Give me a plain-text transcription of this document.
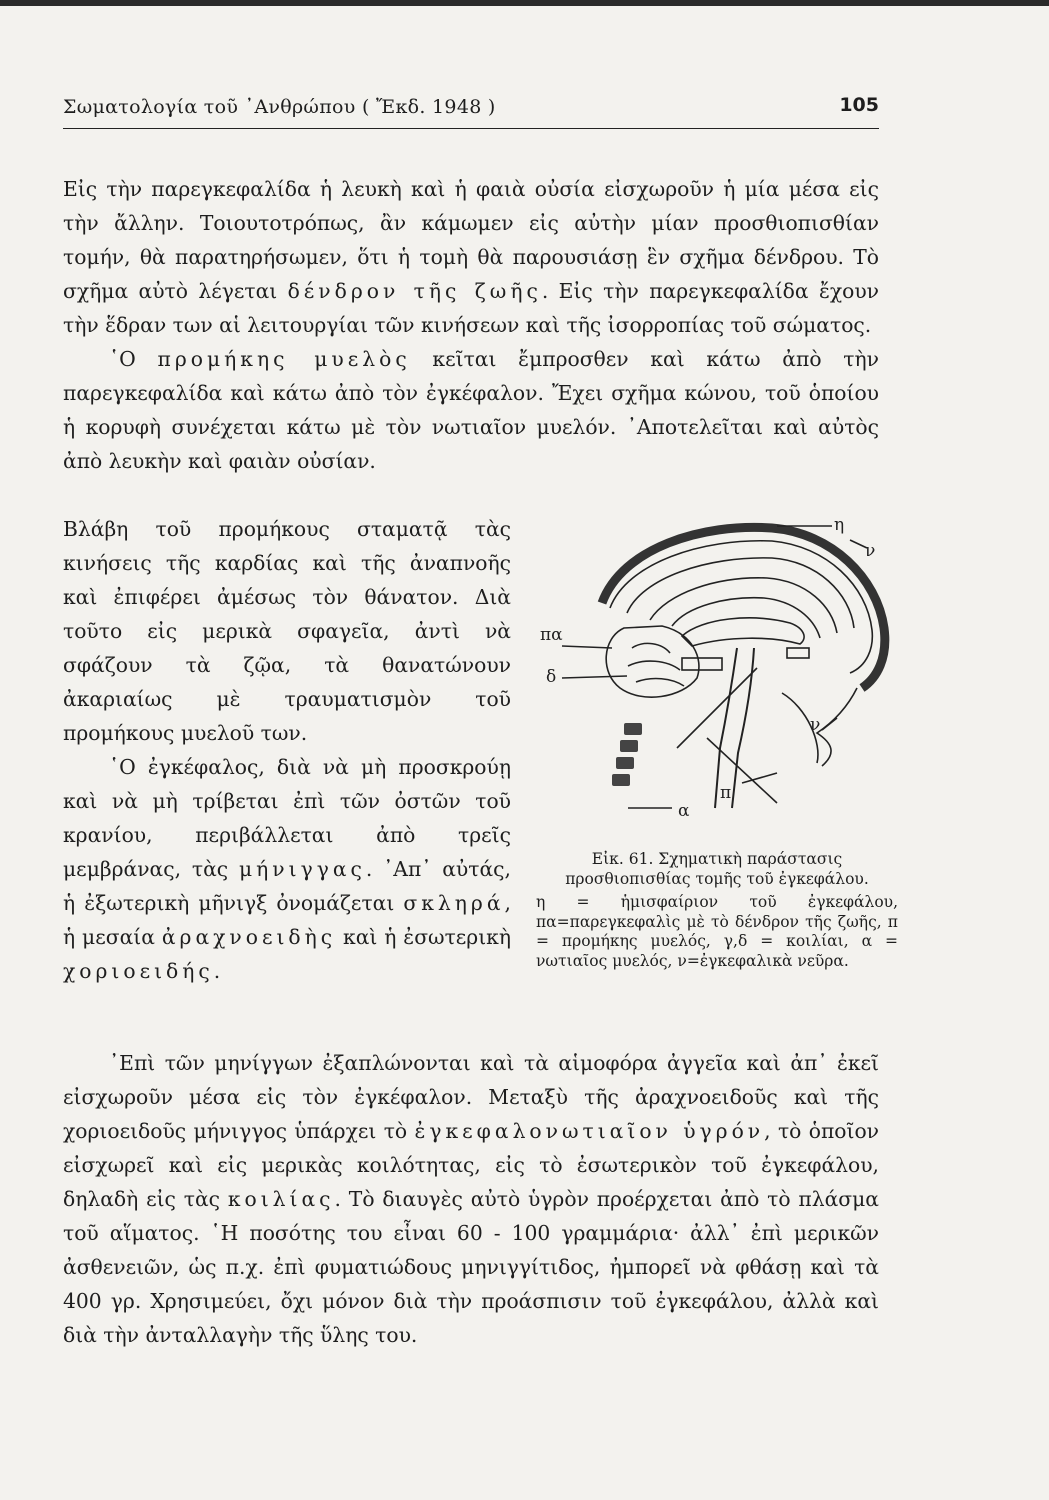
Σωματολογία τοῦ ᾿Ανθρώπου ( Ἔκδ. 1948 )	105

Εἰς τὴν παρεγκεφαλίδα ἡ λευκὴ καὶ ἡ φαιὰ οὐσία εἰσχωροῦν ἡ μία μέσα εἰς τὴν ἄλλην. Τοιουτοτρόπως, ἂν κάμωμεν εἰς αὐτὴν μίαν προσθιοπισθίαν τομήν, θὰ παρατηρήσωμεν, ὅτι ἡ τομὴ θὰ παρουσιάσῃ ἓν σχῆμα δένδρου. Τὸ σχῆμα αὐτὸ λέγεται δένδρον τῆς ζωῆς. Εἰς τὴν παρεγκεφαλίδα ἔχουν τὴν ἕδραν των αἱ λειτουργίαι τῶν κινήσεων καὶ τῆς ἰσορροπίας τοῦ σώματος.

῾Ο προμήκης μυελὸς κεῖται ἔμπροσθεν καὶ κάτω ἀπὸ τὴν παρεγκεφαλίδα καὶ κάτω ἀπὸ τὸν ἐγκέφαλον. Ἔχει σχῆμα κώνου, τοῦ ὁποίου ἡ κορυφὴ συνέχεται κάτω μὲ τὸν νωτιαῖον μυελόν. ᾿Αποτελεῖται καὶ αὐτὸς ἀπὸ λευκὴν καὶ φαιὰν οὐσίαν.

Βλάβη τοῦ προμήκους σταματᾷ τὰς κινήσεις τῆς καρδίας καὶ τῆς ἀναπνοῆς καὶ ἐπιφέρει ἀμέσως τὸν θάνατον. Διὰ τοῦτο εἰς μερικὰ σφαγεῖα, ἀντὶ νὰ σφάζουν τὰ ζῷα, τὰ θανατώνουν ἀκαριαίως μὲ τραυματισμὸν τοῦ προμήκους μυελοῦ των.

῾Ο ἐγκέφαλος, διὰ νὰ μὴ προσκρούῃ καὶ νὰ μὴ τρίβεται ἐπὶ τῶν ὀστῶν τοῦ κρανίου, περιβάλλεται ἀπὸ τρεῖς μεμβράνας, τὰς μήνιγγας. ᾿Απ᾿ αὐτάς, ἡ ἐξωτερικὴ μῆνιγξ ὀνομάζεται σκληρά, ἡ μεσαία ἀραχνοειδὴς καὶ ἡ ἐσωτερικὴ χοριοειδής.

η
ν
πα
δ
ν
π
α
Εἰκ. 61. Σχηματικὴ παράστασις προσθιοπισθίας τομῆς τοῦ ἐγκεφάλου.
η = ἡμισφαίριον τοῦ ἐγκεφάλου, πα=παρεγκεφαλὶς μὲ τὸ δένδρον τῆς ζωῆς, π = προμήκης μυελός, γ,δ = κοιλίαι, α = νωτιαῖος μυελός, ν=ἐγκεφαλικὰ νεῦρα.

᾿Επὶ τῶν μηνίγγων ἐξαπλώνονται καὶ τὰ αἱμοφόρα ἀγγεῖα καὶ ἀπ᾿ ἐκεῖ εἰσχωροῦν μέσα εἰς τὸν ἐγκέφαλον. Μεταξὺ τῆς ἀραχνοειδοῦς καὶ τῆς χοριοειδοῦς μήνιγγος ὑπάρχει τὸ ἐγκεφαλονωτιαῖον ὑγρόν, τὸ ὁποῖον εἰσχωρεῖ καὶ εἰς μερικὰς κοιλότητας, εἰς τὸ ἐσωτερικὸν τοῦ ἐγκεφάλου, δηλαδὴ εἰς τὰς κοιλίας. Τὸ διαυγὲς αὐτὸ ὑγρὸν προέρχεται ἀπὸ τὸ πλάσμα τοῦ αἵματος. ῾Η ποσότης του εἶναι 60 - 100 γραμμάρια· ἀλλ᾿ ἐπὶ μερικῶν ἀσθενειῶν, ὡς π.χ. ἐπὶ φυματιώδους μηνιγγίτιδος, ἠμπορεῖ νὰ φθάσῃ καὶ τὰ 400 γρ. Χρησιμεύει, ὄχι μόνον διὰ τὴν προάσπισιν τοῦ ἐγκεφάλου, ἀλλὰ καὶ διὰ τὴν ἀνταλλαγὴν τῆς ὕλης του.
